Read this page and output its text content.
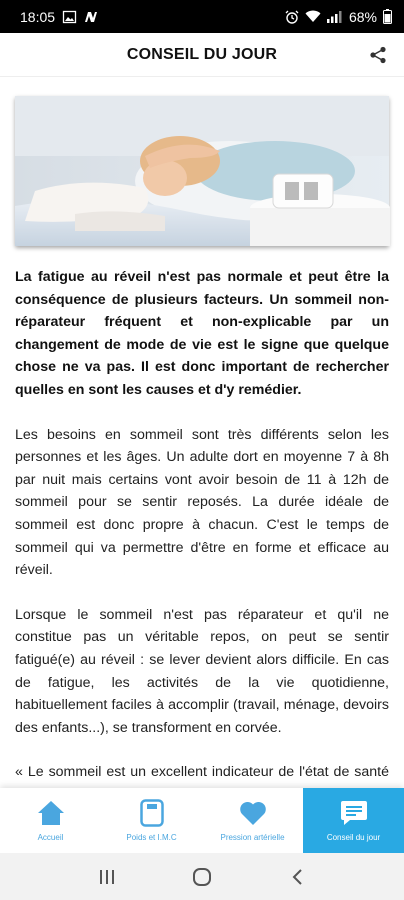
18:05	68%
CONSEIL DU JOUR

La fatigue au réveil n'est pas normale et peut être la conséquence de plusieurs facteurs. Un sommeil non-réparateur fréquent et non-explicable par un changement de mode de vie est le signe que quelque chose ne va pas. Il est donc important de rechercher quelles en sont les causes et d'y remédier.

Les besoins en sommeil sont très différents selon les personnes et les âges. Un adulte dort en moyenne 7 à 8h par nuit mais certains vont avoir besoin de 11 à 12h de sommeil pour se sentir reposés. La durée idéale de sommeil est donc propre à chacun. C'est le temps de sommeil qui va permettre d'être en forme et efficace au réveil.

Lorsque le sommeil n'est pas réparateur et qu'il ne constitue pas un véritable repos, on peut se sentir fatigué(e) au réveil : se lever devient alors difficile. En cas de fatigue, les activités de la vie quotidienne, habituellement faciles à accomplir (travail, ménage, devoirs des enfants...), se transforment en corvée.

« Le sommeil est un excellent indicateur de l'état de santé

Accueil	Poids et I.M.C	Pression artérielle	Conseil du jour
